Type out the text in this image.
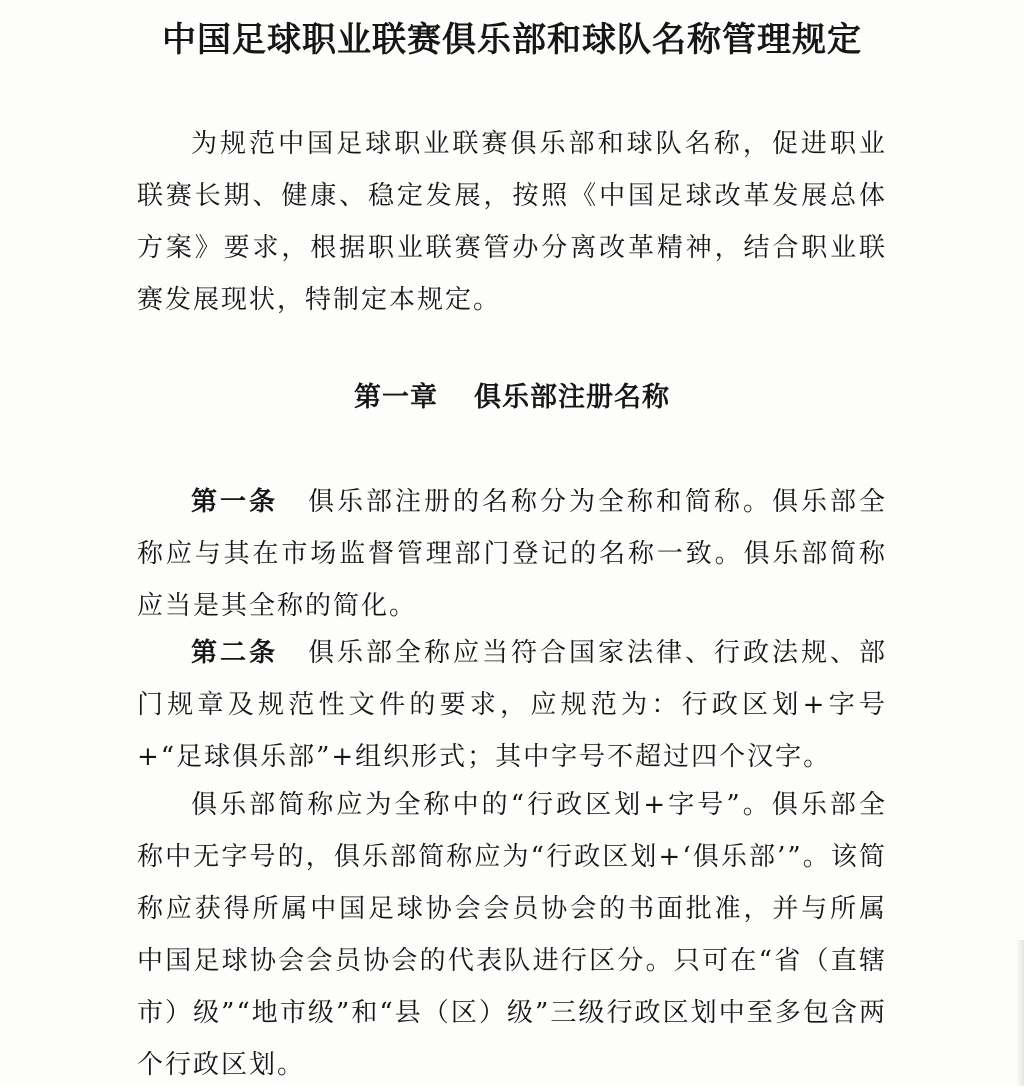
中国足球职业联赛俱乐部和球队名称管理规定

为规范中国足球职业联赛俱乐部和球队名称，促进职业联赛长期、健康、稳定发展，按照《中国足球改革发展总体方案》要求，根据职业联赛管办分离改革精神，结合职业联赛发展现状，特制定本规定。

第一章 俱乐部注册名称

第一条 俱乐部注册的名称分为全称和简称。俱乐部全称应与其在市场监督管理部门登记的名称一致。俱乐部简称应当是其全称的简化。

第二条 俱乐部全称应当符合国家法律、行政法规、部门规章及规范性文件的要求，应规范为：行政区划+字号+“足球俱乐部”+组织形式；其中字号不超过四个汉字。

俱乐部简称应为全称中的“行政区划+字号”。俱乐部全称中无字号的，俱乐部简称应为“行政区划+‘俱乐部’”。该简称应获得所属中国足球协会会员协会的书面批准，并与所属中国足球协会会员协会的代表队进行区分。只可在“省（直辖市）级”“地市级”和“县（区）级”三级行政区划中至多包含两个行政区划。
